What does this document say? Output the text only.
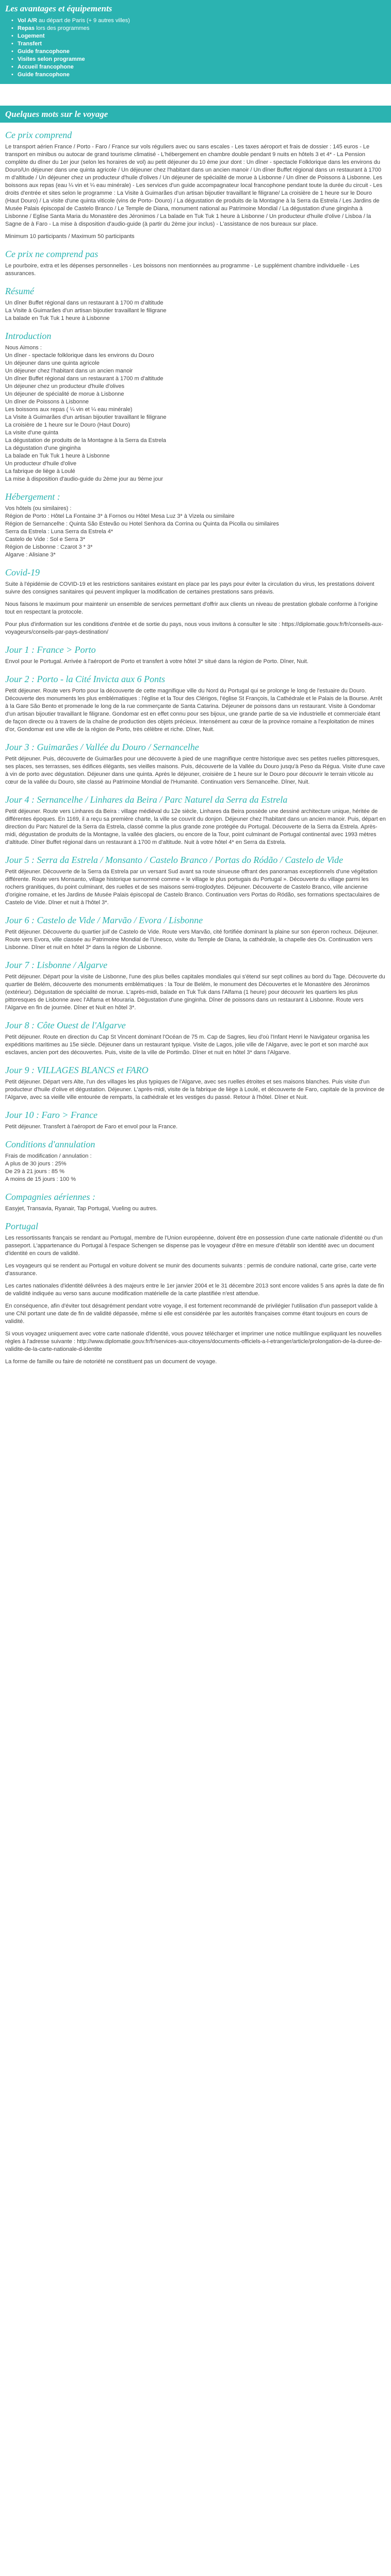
Les avantages et équipements
• Vol A/R au départ de Paris (+ 9 autres villes)
• Repas lors des programmes
• Logement
• Transfert
• Guide francophone
• Visites selon programme
• Accueil francophone
• Guide francophone
Quelques mots sur le voyage
Ce prix comprend

Le transport aérien France / Porto - Faro / France sur vols réguliers avec ou sans escales - Les taxes aéroport et frais de dossier : 145 euros - Le transport en minibus ou autocar de grand tourisme climatisé - L'hébergement en chambre double pendant 9 nuits en hôtels 3 et 4* - La Pension complète du dîner du 1er jour (selon les horaires de vol) au petit déjeuner du 10 ème jour dont : Un dîner - spectacle Folklorique dans les environs du Douro/Un déjeuner dans une quinta agricole / Un déjeuner chez l'habitant dans un ancien manoir / Un dîner Buffet régional dans un restaurant à 1700 m d'altitude / Un déjeuner chez un producteur d'huile d'olives / Un déjeuner de spécialité de morue à Lisbonne / Un dîner de Poissons à Lisbonne. Les boissons aux repas (eau ¼ vin et ¼ eau minérale) - Les services d'un guide accompagnateur local francophone pendant toute la durée du circuit - Les droits d'entrée et sites selon le programme : La Visite à Guimarães d'un artisan bijoutier travaillant le filigrane/ La croisière de 1 heure sur le Douro (Haut Douro) / La visite d'une quinta viticole (vins de Porto- Douro) / La dégustation de produits de la Montagne à la Serra da Estrela / Les Jardins de Musée Palais épiscopal de Castelo Branco / Le Temple de Diana, monument national au Patrimoine Mondial / La dégustation d'une ginginha à Lisbonne / Eglise Santa Maria du Monastère des Jéronimos / La balade en Tuk Tuk 1 heure à Lisbonne / Un producteur d'huile d'olive / Lisboa / la Sagne de à Faro - La mise à disposition d'audio-guide (à partir du 2ème jour inclus) - L'assistance de nos bureaux sur place.

Minimum 10 participants / Maximum 50 participants

Ce prix ne comprend pas

Le pourboire, extra et les dépenses personnelles - Les boissons non mentionnées au programme - Le supplément chambre individuelle - Les assurances.

Résumé
Un dîner Buffet régional dans un restaurant à 1700 m d'altitude
La Visite à Guimarães d'un artisan bijoutier travaillant le filigrane
La balade en Tuk Tuk 1 heure à Lisbonne
Introduction
Nous Aimons :
Un dîner - spectacle folklorique dans les environs du Douro
Un déjeuner dans une quinta agricole
Un déjeuner chez l'habitant dans un ancien manoir
Un dîner Buffet régional dans un restaurant à 1700 m d'altitude
Un déjeuner chez un producteur d'huile d'olives
Un déjeuner de spécialité de morue à Lisbonne
Un dîner de Poissons à Lisbonne
Les boissons aux repas ( ¼ vin et ¼ eau minérale)
La Visite à Guimarães d'un artisan bijoutier travaillant le filigrane
La croisière de 1 heure sur le Douro (Haut Douro)
La visite d'une quinta
La dégustation de produits de la Montagne à la Serra da Estrela
La dégustation d'une ginginha
La balade en Tuk Tuk 1 heure à Lisbonne
Un producteur d'huile d'olive
La fabrique de liège à Loulé
La mise à disposition d'audio-guide du 2ème jour au 9ème jour
Hébergement :
Vos hôtels (ou similaires) :
Région de Porto : Hôtel La Fontaine 3* à Fornos ou Hôtel Mesa Luz 3* à Vizela ou similaire
Région de Sernancelhe : Quinta São Estevão ou Hotel Senhora da Corrina ou Quinta da Picolla ou similaires
Serra da Estrela : Luna Serra da Estrela 4*
Castelo de Vide : Sol e Serra 3*
Région de Lisbonne : Czarot 3 * 3*
Algarve : Alisiane 3*
Covid-19

Suite à l'épidémie de COVID-19 et les restrictions sanitaires existant en place par les pays pour éviter la circulation du virus, les prestations doivent suivre des consignes sanitaires qui peuvent impliquer la modification de certaines prestations sans préavis.

Nous faisons le maximum pour maintenir un ensemble de services permettant d'offrir aux clients un niveau de prestation globale conforme à l'origine tout en respectant la protocole.

Pour plus d'information sur les conditions d'entrée et de sortie du pays, nous vous invitons à consulter le site : https://diplomatie.gouv.fr/fr/conseils-aux-voyageurs/conseils-par-pays-destination/

Jour 1 : France > Porto

Envol pour le Portugal. Arrivée à l'aéroport de Porto et transfert à votre hôtel 3* situé dans la région de Porto. Dîner, Nuit.

Jour 2 : Porto - la Cité Invicta aux 6 Ponts

Petit déjeuner. Route vers Porto pour la découverte de cette magnifique ville du Nord du Portugal qui se prolonge le long de l'estuaire du Douro. Découverte des monuments les plus emblématiques : l'église et la Tour des Clérigos, l'église St François, la Cathédrale et le Palais de la Bourse. Arrêt à la Gare São Bento et promenade le long de la rue commerçante de Santa Catarina. Déjeuner de poissons dans un restaurant. Visite à Gondomar d'un artisan bijoutier travaillant le filigrane. Gondomar est en effet connu pour ses bijoux, une grande partie de sa vie industrielle et commerciale étant de façon directe ou à travers de la chaîne de production des objets précieux. Intensément au cœur de la province romaine a l'exploitation de mines d'or, Gondomar est une ville de la région de Porto, très célèbre et riche. Dîner, Nuit.

Jour 3 : Guimarães / Vallée du Douro / Sernancelhe

Petit déjeuner. Puis, découverte de Guimarães pour une découverte à pied de une magnifique centre historique avec ses petites ruelles pittoresques, ses places, ses terrasses, ses édifices élégants, ses vieilles maisons. Puis, découverte de la Vallée du Douro jusqu'à Peso da Régua. Visite d'une cave à vin de porto avec dégustation. Déjeuner dans une quinta. Après le déjeuner, croisière de 1 heure sur le Douro pour découvrir le terrain viticole au cœur de la vallée du Douro, site classé au Patrimoine Mondial de l'Humanité. Continuation vers Sernancelhe. Dîner, Nuit.

Jour 4 : Sernancelhe / Linhares da Beira / Parc Naturel da Serra da Estrela

Petit déjeuner. Route vers Linhares da Beira : village médiéval du 12e siècle, Linhares da Beira possède une dessiné architecture unique, héritée de différentes époques. En 1169, il a reçu sa première charte, la ville se couvrit du donjon. Déjeuner chez l'habitant dans un ancien manoir. Puis, départ en direction du Parc Naturel de la Serra da Estrela, classé comme la plus grande zone protégée du Portugal. Découverte de la Serra da Estrela. Après-midi, dégustation de produits de la Montagne, la vallée des glaciers, ou encore de la Tour, point culminant de Portugal continental avec 1993 mètres d'altitude. Dîner Buffet régional dans un restaurant à 1700 m d'altitude. Nuit à votre hôtel 4* en Serra da Estrela.

Jour 5 : Serra da Estrela / Monsanto / Castelo Branco / Portas do Ródão / Castelo de Vide

Petit déjeuner. Découverte de la Serra da Estrela par un versant Sud avant sa route sinueuse offrant des panoramas exceptionnels d'une végétation différente. Route vers Monsanto, village historique surnommé comme « le village le plus portugais du Portugal ». Découverte du village parmi les rochers granitiques, du point culminant, des ruelles et de ses maisons semi-troglodytes. Déjeuner. Découverte de Castelo Branco, ville ancienne d'origine romaine, et les Jardins de Musée Palais épiscopal de Castelo Branco. Continuation vers Portas do Ródão, ses formations spectaculaires de Castelo de Vide. Dîner et nuit à l'hôtel 3*.

Jour 6 : Castelo de Vide / Marvão / Evora / Lisbonne

Petit déjeuner. Découverte du quartier juif de Castelo de Vide. Route vers Marvão, cité fortifiée dominant la plaine sur son éperon rocheux. Déjeuner. Route vers Evora, ville classée au Patrimoine Mondial de l'Unesco, visite du Temple de Diana, la cathédrale, la chapelle des Os. Continuation vers Lisbonne. Dîner et nuit en hôtel 3* dans la région de Lisbonne.

Jour 7 : Lisbonne / Algarve

Petit déjeuner. Départ pour la visite de Lisbonne, l'une des plus belles capitales mondiales qui s'étend sur sept collines au bord du Tage. Découverte du quartier de Belém, découverte des monuments emblématiques : la Tour de Belém, le monument des Découvertes et le Monastère des Jéronimos (extérieur). Dégustation de spécialité de morue. L'après-midi, balade en Tuk Tuk dans l'Alfama (1 heure) pour découvrir les quartiers les plus pittoresques de Lisbonne avec l'Alfama et Mouraria. Dégustation d'une ginginha. Dîner de poissons dans un restaurant à Lisbonne. Route vers l'Algarve en fin de journée. Dîner et Nuit en hôtel 3*.

Jour 8 : Côte Ouest de l'Algarve

Petit déjeuner. Route en direction du Cap St Vincent dominant l'Océan de 75 m. Cap de Sagres, lieu d'où l'Infant Henri le Navigateur organisa les expéditions maritimes au 15e siècle. Déjeuner dans un restaurant typique. Visite de Lagos, jolie ville de l'Algarve, avec le port et son marché aux esclaves, ancien port des découvertes. Puis, visite de la ville de Portimão. Dîner et nuit en hôtel 3* dans l'Algarve.

Jour 9 : VILLAGES BLANCS et FARO

Petit déjeuner. Départ vers Alte, l'un des villages les plus typiques de l'Algarve, avec ses ruelles étroites et ses maisons blanches. Puis visite d'un producteur d'huile d'olive et dégustation. Déjeuner. L'après-midi, visite de la fabrique de liège à Loulé, et découverte de Faro, capitale de la province de l'Algarve, avec sa vieille ville entourée de remparts, la cathédrale et les vestiges du passé. Retour à l'hôtel. Dîner et Nuit.

Jour 10 : Faro > France

Petit déjeuner. Transfert à l'aéroport de Faro et envol pour la France.

Conditions d'annulation
Frais de modification / annulation :
A plus de 30 jours : 25%
De 29 à 21 jours : 85 %
A moins de 15 jours : 100 %
Compagnies aériennes :

Easyjet, Transavia, Ryanair, Tap Portugal, Vueling ou autres.

Portugal

Les ressortissants français se rendant au Portugal, membre de l'Union européenne, doivent être en possession d'une carte nationale d'identité ou d'un passeport. L'appartenance du Portugal à l'espace Schengen se dispense pas le voyageur d'être en mesure d'établir son identité avec un document d'identité en cours de validité.

Les voyageurs qui se rendent au Portugal en voiture doivent se munir des documents suivants : permis de conduire national, carte grise, carte verte d'assurance.

Les cartes nationales d'identité délivrées à des majeurs entre le 1er janvier 2004 et le 31 décembre 2013 sont encore valides 5 ans après la date de fin de validité indiquée au verso sans aucune modification matérielle de la carte plastifiée n'est attendue.

En conséquence, afin d'éviter tout désagrément pendant votre voyage, il est fortement recommandé de privilégier l'utilisation d'un passeport valide à une CNI portant une date de fin de validité dépassée, même si elle est considérée par les autorités françaises comme étant toujours en cours de validité.

Si vous voyagez uniquement avec votre carte nationale d'identité, vous pouvez télécharger et imprimer une notice multilingue expliquant les nouvelles règles à l'adresse suivante : http://www.diplomatie.gouv.fr/fr/services-aux-citoyens/documents-officiels-a-l-etranger/article/prolongation-de-la-duree-de-validite-de-la-carte-nationale-d-identite

La forme de famille ou faire de notoriété ne constituent pas un document de voyage.
